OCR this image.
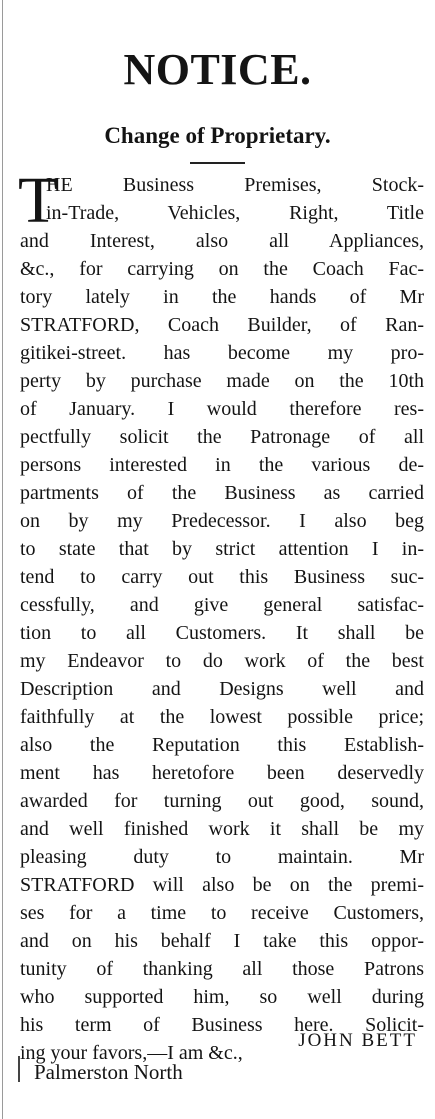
NOTICE.
Change of Proprietary.
T
HE Business Premises, Stock-
in-Trade, Vehicles, Right, Title
and Interest, also all Appliances,
&c., for carrying on the Coach Fac-
tory lately in the hands of Mr
STRATFORD, Coach Builder, of Ran-
gitikei-street. has become my pro-
perty by purchase made on the 10th
of January. I would therefore res-
pectfully solicit the Patronage of all
persons interested in the various de-
partments of the Business as carried
on by my Predecessor. I also beg
to state that by strict attention I in-
tend to carry out this Business suc-
cessfully, and give general satisfac-
tion to all Customers. It shall be
my Endeavor to do work of the best
Description and Designs well and
faithfully at the lowest possible price;
also the Reputation this Establish-
ment has heretofore been deservedly
awarded for turning out good, sound,
and well finished work it shall be my
pleasing duty to maintain. Mr
STRATFORD will also be on the premi-
ses for a time to receive Customers,
and on his behalf I take this oppor-
tunity of thanking all those Patrons
who supported him, so well during
his term of Business here. Solicit-
ing your favors,—I am &c.,
JOHN BETT
Palmerston North
